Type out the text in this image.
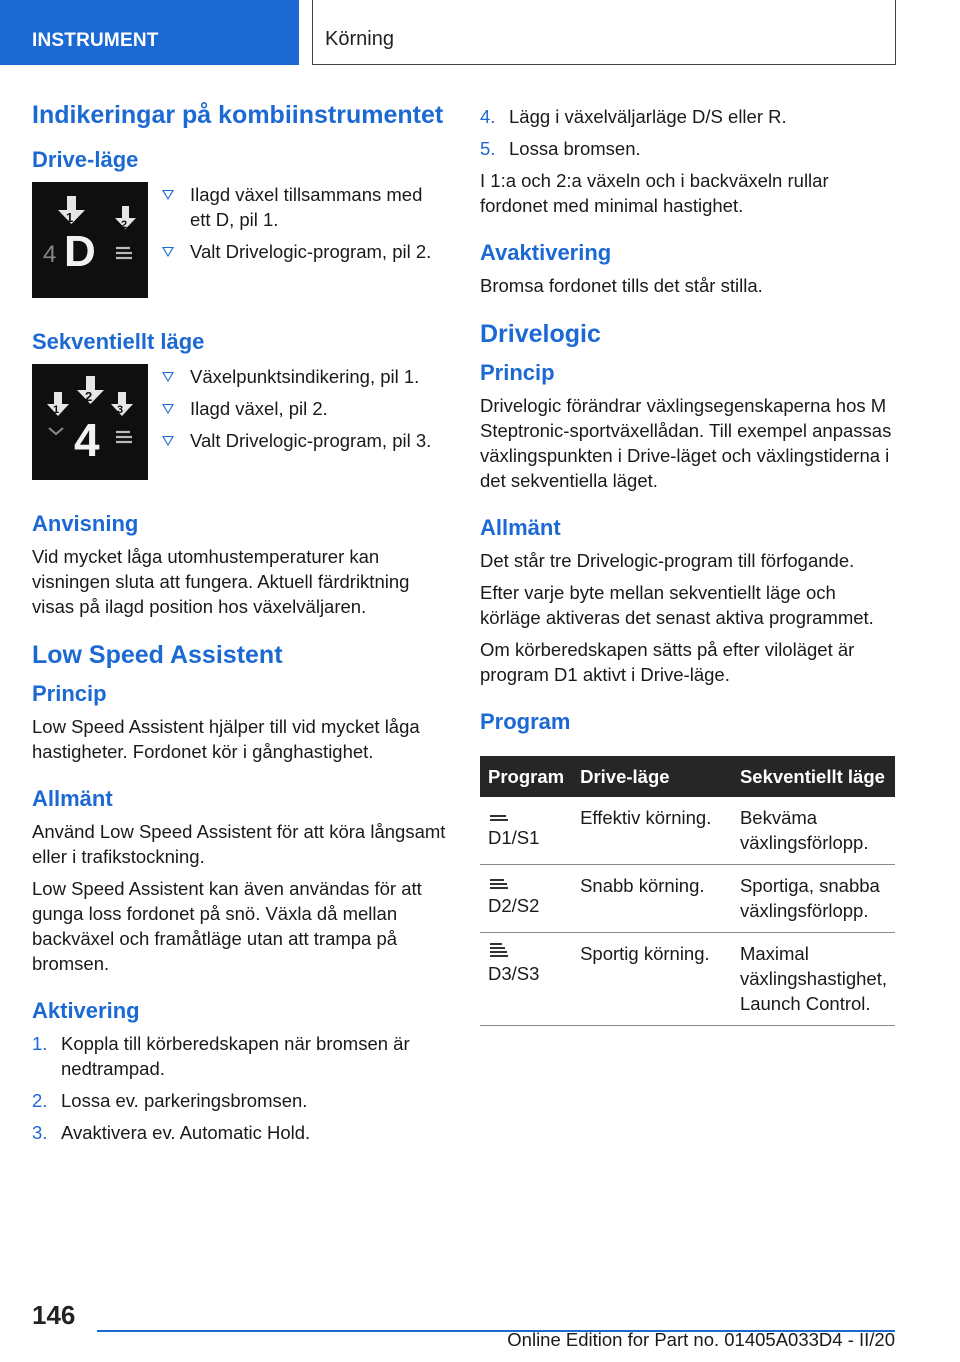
INSTRUMENT	Körning
Indikeringar på kombiinstrumentet
Drive-läge
1	2
4 D
Ilagd växel tillsammans med ett D, pil 1.
Valt Drivelogic-program, pil 2.
Sekventiellt läge
1
2
3
4
Växelpunktsindikering, pil 1.
Ilagd växel, pil 2.
Valt Drivelogic-program, pil 3.
Anvisning

Vid mycket låga utomhustemperaturer kan visningen sluta att fungera. Aktuell färdriktning visas på ilagd position hos växelväljaren.

Low Speed Assistent
Princip

Low Speed Assistent hjälper till vid mycket låga hastigheter. Fordonet kör i gånghastighet.

Allmänt

Använd Low Speed Assistent för att köra långsamt eller i trafikstockning.

Low Speed Assistent kan även användas för att gunga loss fordonet på snö. Växla då mellan backväxel och framåtläge utan att trampa på bromsen.

Aktivering
1. Koppla till körberedskapen när bromsen är nedtrampad.
2. Lossa ev. parkeringsbromsen.
3. Avaktivera ev. Automatic Hold.
4. Lägg i växelväljarläge D/S eller R.
5. Lossa bromsen.

I 1:a och 2:a växeln och i backväxeln rullar fordonet med minimal hastighet.

Avaktivering

Bromsa fordonet tills det står stilla.

Drivelogic
Princip

Drivelogic förändrar växlingsegenskaperna hos M Steptronic-sportväxellådan. Till exempel anpassas växlingspunkten i Drive-läget och växlingstiderna i det sekventiella läget.

Allmänt

Det står tre Drivelogic-program till förfogande.

Efter varje byte mellan sekventiellt läge och körläge aktiveras det senast aktiva programmet.

Om körberedskapen sätts på efter viloläget är program D1 aktivt i Drive-läge.

Program
Program	Drive-läge	Sekventiellt läge

D1/S1	Effektiv körning.	Bekväma växlingsförlopp.

D2/S2	Snabb körning.	Sportiga, snabba växlingsförlopp.

D3/S3	Sportig körning.	Maximal växlingshastighet, Launch Control.
146
Online Edition for Part no. 01405A033D4 - II/20
